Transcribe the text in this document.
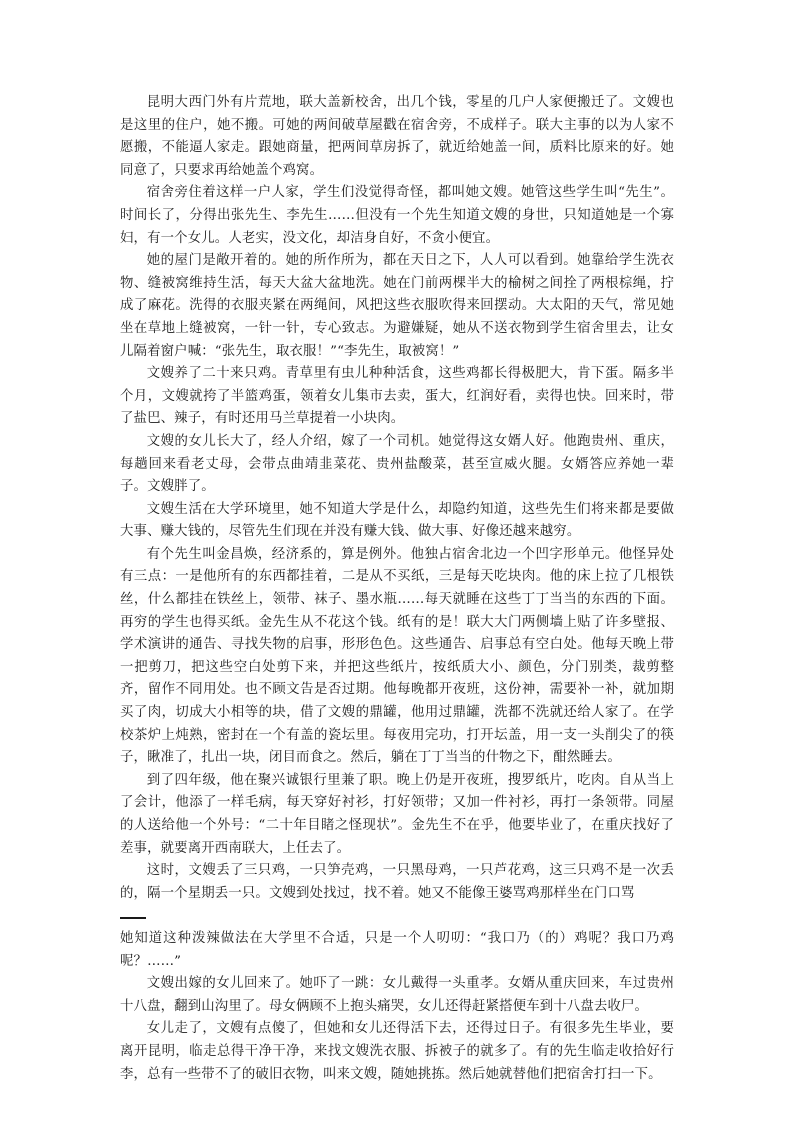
昆明大西门外有片荒地，联大盖新校舍，出几个钱，零星的几户人家便搬迁了。文嫂也是这里的住户，她不搬。可她的两间破草屋戳在宿舍旁，不成样子。联大主事的以为人家不愿搬，不能逼人家走。跟她商量，把两间草房拆了，就近给她盖一间，质料比原来的好。她同意了，只要求再给她盖个鸡窝。

宿舍旁住着这样一户人家，学生们没觉得奇怪，都叫她文嫂。她管这些学生叫“先生”。时间长了，分得出张先生、李先生……但没有一个先生知道文嫂的身世，只知道她是一个寡妇，有一个女儿。人老实，没文化，却洁身自好，不贪小便宜。

她的屋门是敞开着的。她的所作所为，都在天日之下，人人可以看到。她靠给学生洗衣物、缝被窝维持生活，每天大盆大盆地洗。她在门前两棵半大的榆树之间拴了两根棕绳，拧成了麻花。洗得的衣服夹紧在两绳间，风把这些衣服吹得来回摆动。大太阳的天气，常见她坐在草地上缝被窝，一针一针，专心致志。为避嫌疑，她从不送衣物到学生宿舍里去，让女儿隔着窗户喊：“张先生，取衣服！”“李先生，取被窝！”

文嫂养了二十来只鸡。青草里有虫儿种种活食，这些鸡都长得极肥大，肯下蛋。隔多半个月，文嫂就挎了半篮鸡蛋，领着女儿集市去卖，蛋大，红润好看，卖得也快。回来时，带了盐巴、辣子，有时还用马兰草提着一小块肉。

文嫂的女儿长大了，经人介绍，嫁了一个司机。她觉得这女婿人好。他跑贵州、重庆，每趟回来看老丈母，会带点曲靖韭菜花、贵州盐酸菜，甚至宣威火腿。女婿答应养她一辈子。文嫂胖了。

文嫂生活在大学环境里，她不知道大学是什么，却隐约知道，这些先生们将来都是要做大事、赚大钱的，尽管先生们现在并没有赚大钱、做大事、好像还越来越穷。

有个先生叫金昌焕，经济系的，算是例外。他独占宿舍北边一个凹字形单元。他怪异处有三点：一是他所有的东西都挂着，二是从不买纸，三是每天吃块肉。他的床上拉了几根铁丝，什么都挂在铁丝上，领带、袜子、墨水瓶……每天就睡在这些丁丁当当的东西的下面。再穷的学生也得买纸。金先生从不花这个钱。纸有的是！联大大门两侧墙上贴了许多壁报、学术演讲的通告、寻找失物的启事，形形色色。这些通告、启事总有空白处。他每天晚上带一把剪刀，把这些空白处剪下来，并把这些纸片，按纸质大小、颜色，分门别类，裁剪整齐，留作不同用处。也不顾文告是否过期。他每晚都开夜班，这份神，需要补一补，就加期买了肉，切成大小相等的块，借了文嫂的鼎罐，他用过鼎罐，洗都不洗就还给人家了。在学校茶炉上炖熟，密封在一个有盖的瓷坛里。每夜用完功，打开坛盖，用一支一头削尖了的筷子，瞅准了，扎出一块，闭目而食之。然后，躺在丁丁当当的什物之下，酣然睡去。

到了四年级，他在聚兴诚银行里兼了职。晚上仍是开夜班，搜罗纸片，吃肉。自从当上了会计，他添了一样毛病，每天穿好衬衫，打好领带；又加一件衬衫，再打一条领带。同屋的人送给他一个外号：“二十年目睹之怪现状”。金先生不在乎，他要毕业了，在重庆找好了差事，就要离开西南联大，上任去了。

这时，文嫂丢了三只鸡，一只笋壳鸡，一只黑母鸡，一只芦花鸡，这三只鸡不是一次丢的，隔一个星期丢一只。文嫂到处找过，找不着。她又不能像王婆骂鸡那样坐在门口骂

她知道这种泼辣做法在大学里不合适，只是一个人叨叨：“我口乃（的）鸡呢？我口乃鸡呢？……”

文嫂出嫁的女儿回来了。她吓了一跳：女儿戴得一头重孝。女婿从重庆回来，车过贵州十八盘，翻到山沟里了。母女俩顾不上抱头痛哭，女儿还得赶紧搭便车到十八盘去收尸。

女儿走了，文嫂有点傻了，但她和女儿还得活下去，还得过日子。有很多先生毕业，要离开昆明，临走总得干净干净，来找文嫂洗衣服、拆被子的就多了。有的先生临走收拾好行李，总有一些带不了的破旧衣物，叫来文嫂，随她挑拣。然后她就替他们把宿舍打扫一下。
